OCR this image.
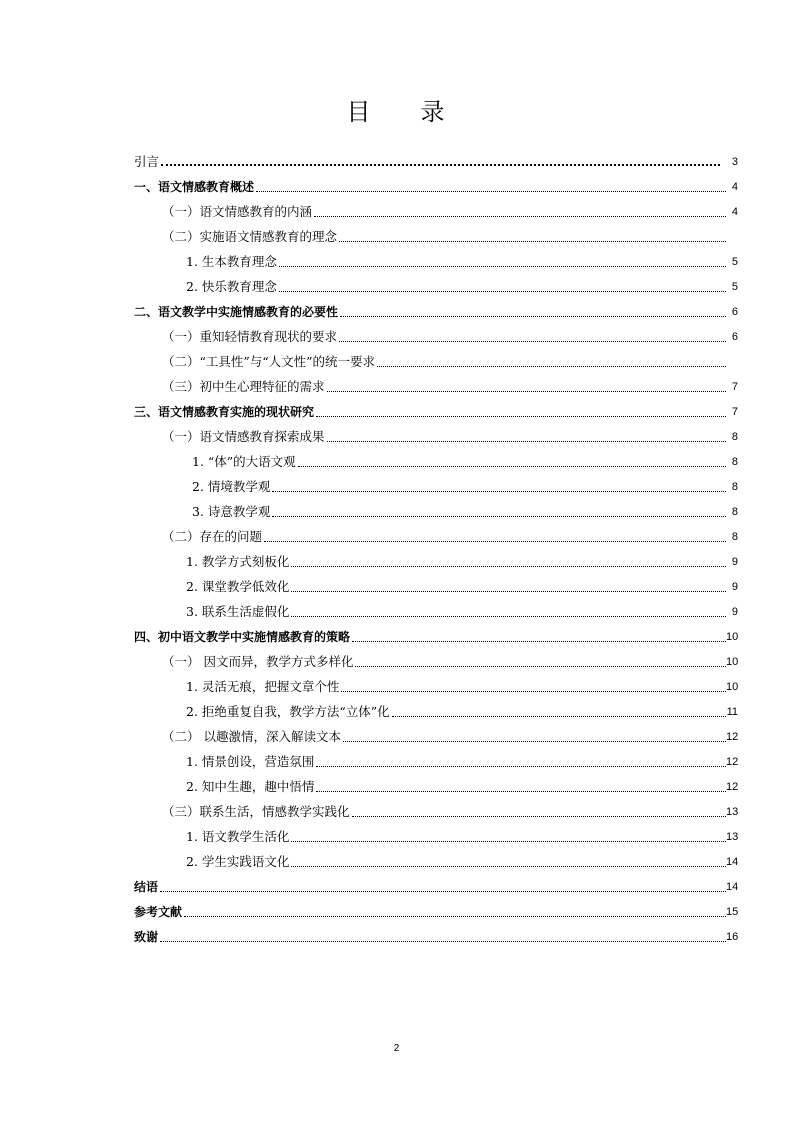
目 录
引言	3
一、语文情感教育概述	4
（一）语文情感教育的内涵	4
（二）实施语文情感教育的理念
1. 生本教育理念	5
2. 快乐教育理念	5
二、语文教学中实施情感教育的必要性	6
（一）重知轻情教育现状的要求	6
（二）“工具性”与“人文性”的统一要求
（三）初中生心理特征的需求	7
三、语文情感教育实施的现状研究	7
（一）语文情感教育探索成果	8
1. “体”的大语文观	8
2. 情境教学观	8
3. 诗意教学观	8
（二）存在的问题	8
1. 教学方式刻板化	9
2. 课堂教学低效化	9
3. 联系生活虚假化	9
四、初中语文教学中实施情感教育的策略	10
（一） 因文而异，教学方式多样化	10
1. 灵活无痕，把握文章个性	10
2. 拒绝重复自我，教学方法“立体”化	11
（二） 以趣激情，深入解读文本	12
1. 情景创设，营造氛围	12
2. 知中生趣，趣中悟情	12
（三）联系生活，情感教学实践化	13
1. 语文教学生活化	13
2. 学生实践语文化	14
结语	14
参考文献	15
致谢	16
2
